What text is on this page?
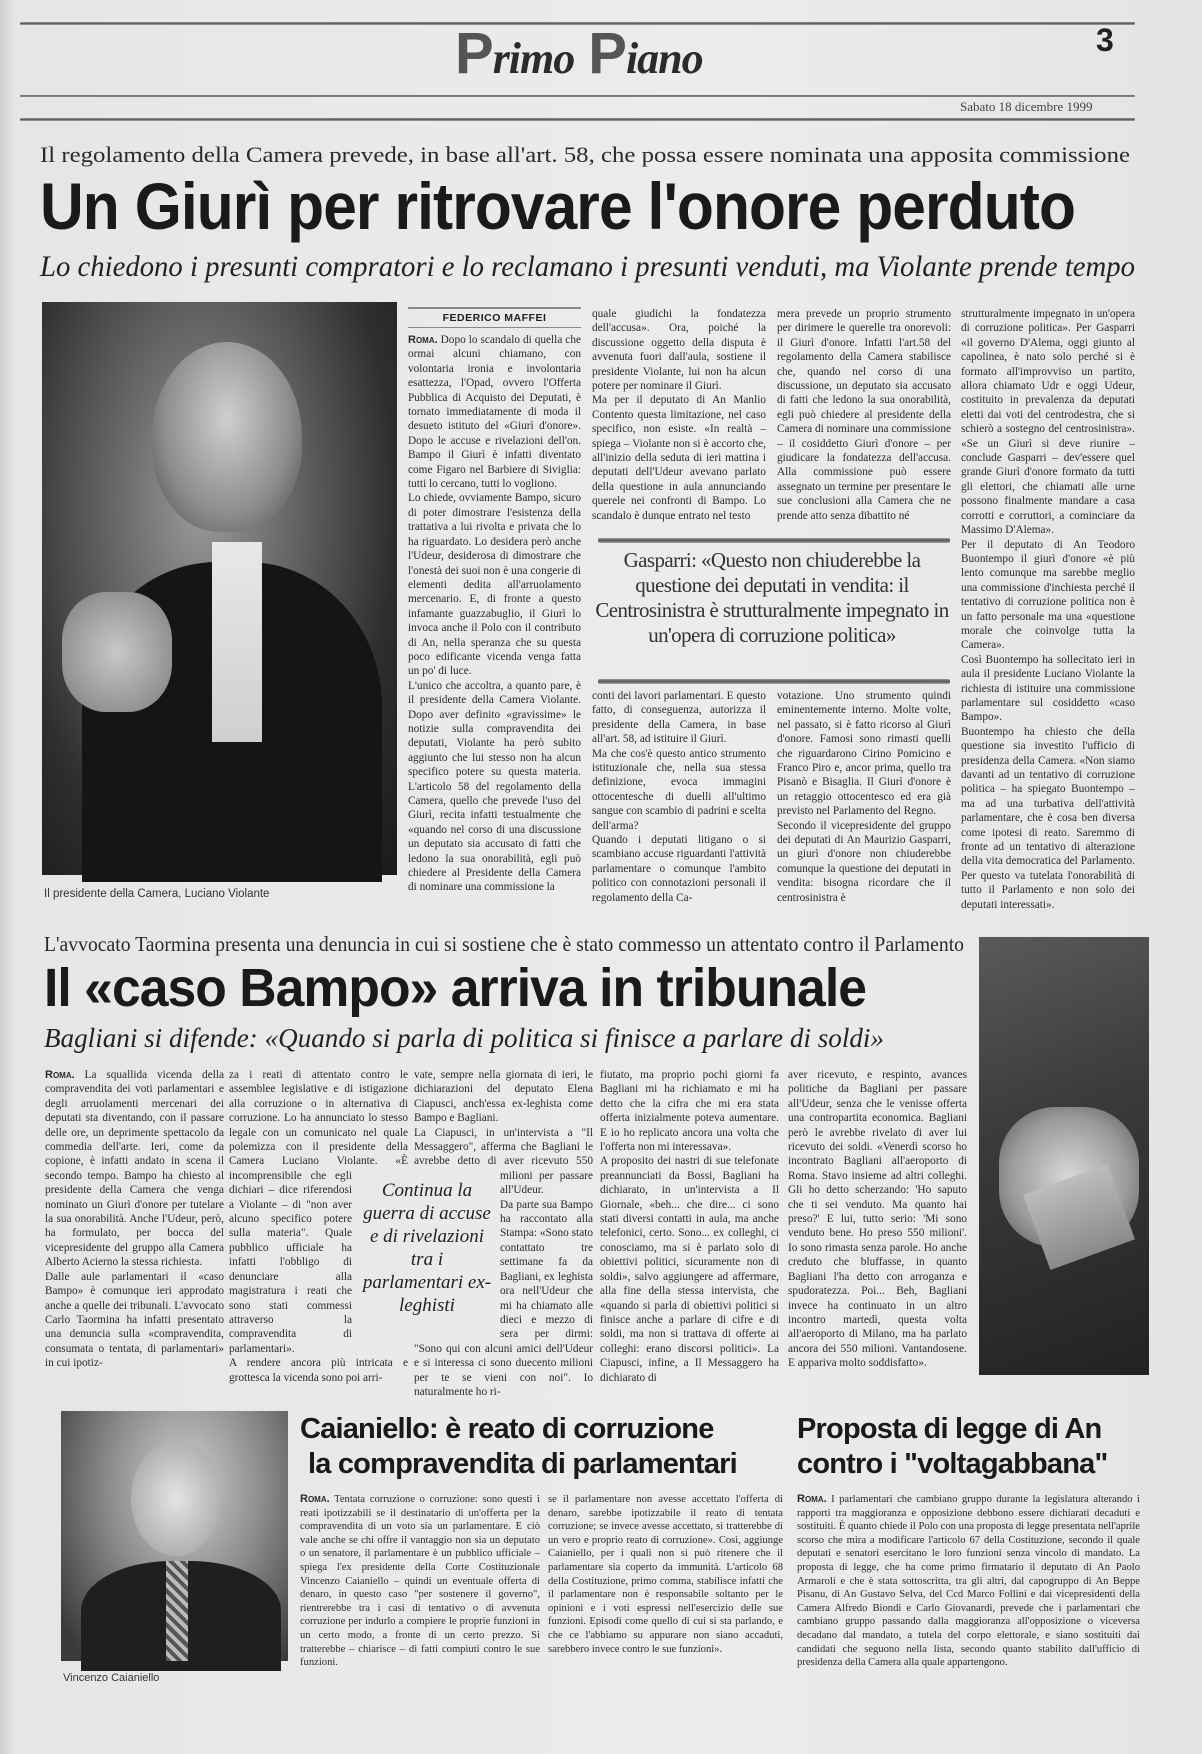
Primo Piano	3
Sabato 18 dicembre 1999
Il regolamento della Camera prevede, in base all'art. 58, che possa essere nominata una apposita commissione
Un Giurì per ritrovare l'onore perduto
Lo chiedono i presunti compratori e lo reclamano i presunti venduti, ma Violante prende tempo
Il presidente della Camera, Luciano Violante
FEDERICO MAFFEI
Roma. Dopo lo scandalo di quella che ormai alcuni chiamano, con volontaria ironia e involontaria esattezza, l'Opad, ovvero l'Offerta Pubblica di Acquisto dei Deputati, è tornato immediatamente di moda il desueto istituto del «Giurì d'onore». Dopo le accuse e rivelazioni dell'on. Bampo il Giurì è infatti diventato come Figaro nel Barbiere di Siviglia: tutti lo cercano, tutti lo vogliono.
Lo chiede, ovviamente Bampo, sicuro di poter dimostrare l'esistenza della trattativa a lui rivolta e privata che lo ha riguardato. Lo desidera però anche l'Udeur, desiderosa di dimostrare che l'onestà dei suoi non è una congerie di elementi dedita all'arruolamento mercenario. E, di fronte a questo infamante guazzabuglio, il Giurì lo invoca anche il Polo con il contributo di An, nella speranza che su questa poco edificante vicenda venga fatta un po' di luce.
L'unico che accoltra, a quanto pare, è il presidente della Camera Violante. Dopo aver definito «gravissime» le notizie sulla compravendita dei deputati, Violante ha però subito aggiunto che lui stesso non ha alcun specifico potere su questa materia. L'articolo 58 del regolamento della Camera, quello che prevede l'uso del Giurì, recita infatti testualmente che «quando nel corso di una discussione un deputato sia accusato di fatti che ledono la sua onorabilità, egli può chiedere al Presidente della Camera di nominare una commissione la
quale giudichi la fondatezza dell'accusa». Ora, poiché la discussione oggetto della disputa è avvenuta fuori dall'aula, sostiene il presidente Violante, lui non ha alcun potere per nominare il Giurì.
Ma per il deputato di An Manlio Contento questa limitazione, nel caso specifico, non esiste. «In realtà – spiega – Violante non si è accorto che, all'inizio della seduta di ieri mattina i deputati dell'Udeur avevano parlato della questione in aula annunciando querele nei confronti di Bampo. Lo scandalo è dunque entrato nel testo
mera prevede un proprio strumento per dirimere le querelle tra onorevoli: il Giurì d'onore. Infatti l'art.58 del regolamento della Camera stabilisce che, quando nel corso di una discussione, un deputato sia accusato di fatti che ledono la sua onorabilità, egli può chiedere al presidente della Camera di nominare una commissione – il cosiddetto Giurì d'onore – per giudicare la fondatezza dell'accusa. Alla commissione può essere assegnato un termine per presentare le sue conclusioni alla Camera che ne prende atto senza dibattito né
Gasparri: «Questo non chiuderebbe la questione dei deputati in vendita: il Centrosinistra è strutturalmente impegnato in un'opera di corruzione politica»
conti dei lavori parlamentari. E questo fatto, di conseguenza, autorizza il presidente della Camera, in base all'art. 58, ad istituire il Giurì.
Ma che cos'è questo antico strumento istituzionale che, nella sua stessa definizione, evoca immagini ottocentesche di duelli all'ultimo sangue con scambio di padrini e scelta dell'arma?
Quando i deputati litigano o si scambiano accuse riguardanti l'attività parlamentare o comunque l'ambito politico con connotazioni personali il regolamento della Ca-
votazione. Uno strumento quindi eminentemente interno. Molte volte, nel passato, si è fatto ricorso al Giurì d'onore. Famosi sono rimasti quelli che riguardarono Cirino Pomicino e Franco Piro e, ancor prima, quello tra Pisanò e Bisaglia. Il Giurì d'onore è un retaggio ottocentesco ed era già previsto nel Parlamento del Regno.
Secondo il vicepresidente del gruppo dei deputati di An Maurizio Gasparri, un giurì d'onore non chiuderebbe comunque la questione dei deputati in vendita: bisogna ricordare che il centrosinistra è
strutturalmente impegnato in un'opera di corruzione politica». Per Gasparri «il governo D'Alema, oggi giunto al capolinea, è nato solo perché si è formato all'improvviso un partito, allora chiamato Udr e oggi Udeur, costituito in prevalenza da deputati eletti dai voti del centrodestra, che si schierò a sostegno del centrosinistra». «Se un Giurì si deve riunire – conclude Gasparri – dev'essere quel grande Giurì d'onore formato da tutti gli elettori, che chiamati alle urne possono finalmente mandare a casa corrotti e corruttori, a cominciare da Massimo D'Alema».
Per il deputato di An Teodoro Buontempo il giurì d'onore «è più lento comunque ma sarebbe meglio una commissione d'inchiesta perché il tentativo di corruzione politica non è un fatto personale ma una «questione morale che coinvolge tutta la Camera».
Così Buontempo ha sollecitato ieri in aula il presidente Luciano Violante la richiesta di istituire una commissione parlamentare sul cosiddetto «caso Bampo».
Buontempo ha chiesto che della questione sia investito l'ufficio di presidenza della Camera. «Non siamo davanti ad un tentativo di corruzione politica – ha spiegato Buontempo – ma ad una turbativa dell'attività parlamentare, che è cosa ben diversa come ipotesi di reato. Saremmo di fronte ad un tentativo di alterazione della vita democratica del Parlamento. Per questo va tutelata l'onorabilità di tutto il Parlamento e non solo dei deputati interessati».
L'avvocato Taormina presenta una denuncia in cui si sostiene che è stato commesso un attentato contro il Parlamento
Il «caso Bampo» arriva in tribunale
Bagliani si difende: «Quando si parla di politica si finisce a parlare di soldi»
Roma. La squallida vicenda della compravendita dei voti parlamentari e degli arruolamenti mercenari dei deputati sta diventando, con il passare delle ore, un deprimente spettacolo da commedia dell'arte. Ieri, come da copione, è infatti andato in scena il secondo tempo. Bampo ha chiesto al presidente della Camera che venga nominato un Giurì d'onore per tutelare la sua onorabilità. Anche l'Udeur, però, ha formulato, per bocca del vicepresidente del gruppo alla Camera Alberto Acierno la stessa richiesta.
Dalle aule parlamentari il «caso Bampo» è comunque ieri approdato anche a quelle dei tribunali. L'avvocato Carlo Taormina ha infatti presentato una denuncia sulla «compravendita, consumata o tentata, di parlamentari» in cui ipotiz-
za i reati di attentato contro le assemblee legislative e di istigazione alla corruzione o in alternativa di corruzione. Lo ha annunciato lo stesso legale con un comunicato nel quale polemizza con il presidente della Camera Luciano Violante. «È incomprensibile che egli dichiari – dice riferendosi a Violante – di "non aver alcuno specifico potere sulla materia". Quale pubblico ufficiale ha infatti l'obbligo di denunciare alla magistratura i reati che sono stati commessi attraverso la compravendita di parlamentari».
A rendere ancora più intricata e grottesca la vicenda sono poi arri-
Continua la guerra di accuse e di rivelazioni tra i parlamentari ex-leghisti
vate, sempre nella giornata di ieri, le dichiarazioni del deputato Elena Ciapusci, anch'essa ex-leghista come Bampo e Bagliani.
La Ciapusci, in un'intervista a "Il Messaggero", afferma che Bagliani le avrebbe detto di aver ricevuto 550 milioni per passare all'Udeur.
Da parte sua Bampo ha raccontato alla Stampa: «Sono stato contattato tre settimane fa da Bagliani, ex leghista ora nell'Udeur che mi ha chiamato alle dieci e mezzo di sera per dirmi: "Sono qui con alcuni amici dell'Udeur e si interessa ci sono duecento milioni per te se vieni con noi". Io naturalmente ho ri-
fiutato, ma proprio pochi giorni fa Bagliani mi ha richiamato e mi ha detto che la cifra che mi era stata offerta inizialmente poteva aumentare. E io ho replicato ancora una volta che l'offerta non mi interessava».
A proposito dei nastri di sue telefonate preannunciati da Bossi, Bagliani ha dichiarato, in un'intervista a Il Giornale, «beh... che dire... ci sono stati diversi contatti in aula, ma anche telefonici, certo. Sono... ex colleghi, ci conosciamo, ma si è parlato solo di obiettivi politici, sicuramente non di soldi», salvo aggiungere ad affermare, alla fine della stessa intervista, che «quando si parla di obiettivi politici si finisce anche a parlare di cifre e di soldi, ma non si trattava di offerte ai colleghi: erano discorsi politici». La Ciapusci, infine, a Il Messaggero ha dichiarato di
aver ricevuto, e respinto, avances politiche da Bagliani per passare all'Udeur, senza che le venisse offerta una contropartita economica. Bagliani però le avrebbe rivelato di aver lui ricevuto dei soldi. «Venerdì scorso ho incontrato Bagliani all'aeroporto di Roma. Stavo insieme ad altri colleghi. Gli ho detto scherzando: 'Ho saputo che ti sei venduto. Ma quanto hai preso?' E lui, tutto serio: 'Mi sono venduto bene. Ho preso 550 milioni'. Io sono rimasta senza parole. Ho anche creduto che bluffasse, in quanto Bagliani l'ha detto con arroganza e spudoratezza. Poi... Beh, Bagliani invece ha continuato in un altro incontro martedì, questa volta all'aeroporto di Milano, ma ha parlato ancora dei 550 milioni. Vantandosene. E appariva molto soddisfatto».
Vincenzo Caianiello
Caianiello: è reato di corruzione
la compravendita di parlamentari
Roma. Tentata corruzione o corruzione: sono questi i reati ipotizzabili se il destinatario di un'offerta per la compravendita di un voto sia un parlamentare. E ciò vale anche se chi offre il vantaggio non sia un deputato o un senatore, il parlamentare è un pubblico ufficiale – spiega l'ex presidente della Corte Costituzionale Vincenzo Caianiello – quindi un eventuale offerta di denaro, in questo caso "per sostenere il governo", rientrerebbe tra i casi di tentativo o di avvenuta corruzione per indurlo a compiere le proprie funzioni in un certo modo, a fronte di un certo prezzo. Si tratterebbe – chiarisce – di fatti compiuti contro le sue funzioni.
se il parlamentare non avesse accettato l'offerta di denaro, sarebbe ipotizzabile il reato di tentata corruzione; se invece avesse accettato, si tratterebbe di un vero e proprio reato di corruzione». Così, aggiunge Caianiello, per i quali non si può ritenere che il parlamentare sia coperto da immunità. L'articolo 68 della Costituzione, primo comma, stabilisce infatti che il parlamentare non è responsabile soltanto per le opinioni e i voti espressi nell'esercizio delle sue funzioni. Episodi come quello di cui si sta parlando, e che ce l'abbiamo su appurare non siano accaduti, sarebbero invece contro le sue funzioni».
Proposta di legge di An
contro i "voltagabbana"
Roma. I parlamentari che cambiano gruppo durante la legislatura alterando i rapporti tra maggioranza e opposizione debbono essere dichiarati decaduti e sostituiti. È quanto chiede il Polo con una proposta di legge presentata nell'aprile scorso che mira a modificare l'articolo 67 della Costituzione, secondo il quale deputati e senatori esercitano le loro funzioni senza vincolo di mandato. La proposta di legge, che ha come primo firmatario il deputato di An Paolo Armaroli e che è stata sottoscritta, tra gli altri, dal capogruppo di An Beppe Pisanu, di An Gustavo Selva, del Ccd Marco Follini e dai vicepresidenti della Camera Alfredo Biondi e Carlo Giovanardi, prevede che i parlamentari che cambiano gruppo passando dalla maggioranza all'opposizione o viceversa decadano dal mandato, a tutela del corpo elettorale, e siano sostituiti dai candidati che seguono nella lista, secondo quanto stabilito dall'ufficio di presidenza della Camera alla quale appartengono.
